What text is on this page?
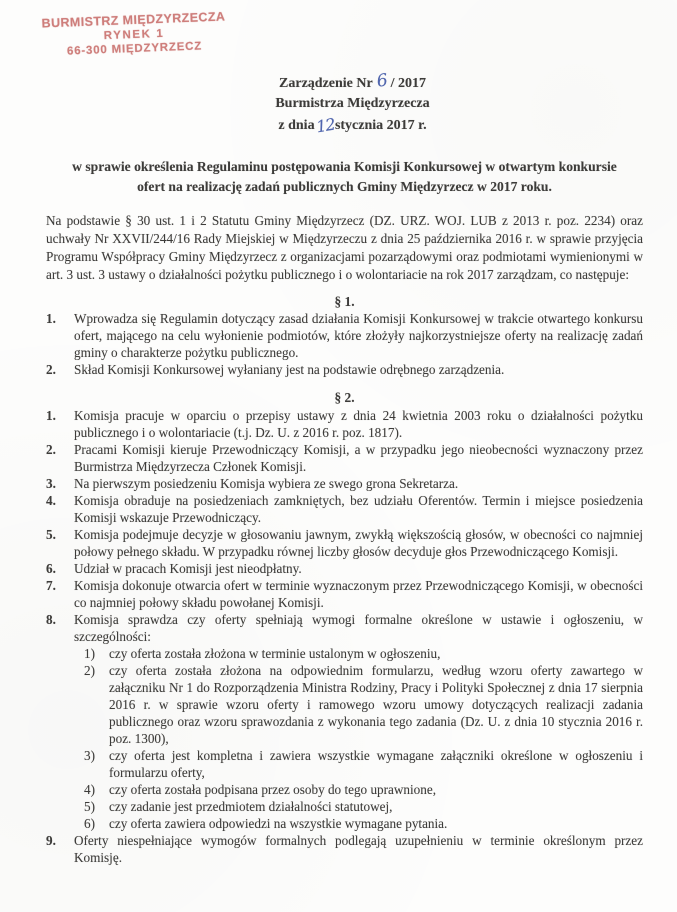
BURMISTRZ MIĘDZYRZECZA
RYNEK 1
66-300 MIĘDZYRZECZ
Zarządzenie Nr 6 / 2017
Burmistrza Międzyrzecza
z dnia12stycznia 2017 r.

w sprawie określenia Regulaminu postępowania Komisji Konkursowej w otwartym konkursie ofert na realizację zadań publicznych Gminy Międzyrzecz w 2017 roku.

Na podstawie § 30 ust. 1 i 2 Statutu Gminy Międzyrzecz (DZ. URZ. WOJ. LUB z 2013 r. poz. 2234) oraz uchwały Nr XXVII/244/16 Rady Miejskiej w Międzyrzeczu z dnia 25 października 2016 r. w sprawie przyjęcia Programu Współpracy Gminy Międzyrzecz z organizacjami pozarządowymi oraz podmiotami wymienionymi w art. 3 ust. 3 ustawy o działalności pożytku publicznego i o wolontariacie na rok 2017 zarządzam, co następuje:

§ 1.
1.	Wprowadza się Regulamin dotyczący zasad działania Komisji Konkursowej w trakcie otwartego konkursu ofert, mającego na celu wyłonienie podmiotów, które złożyły najkorzystniejsze oferty na realizację zadań gminy o charakterze pożytku publicznego.
2.	Skład Komisji Konkursowej wyłaniany jest na podstawie odrębnego zarządzenia.
§ 2.
1.	Komisja pracuje w oparciu o przepisy ustawy z dnia 24 kwietnia 2003 roku o działalności pożytku publicznego i o wolontariacie (t.j. Dz. U. z 2016 r. poz. 1817).
2.	Pracami Komisji kieruje Przewodniczący Komisji, a w przypadku jego nieobecności wyznaczony przez Burmistrza Międzyrzecza Członek Komisji.
3.	Na pierwszym posiedzeniu Komisja wybiera ze swego grona Sekretarza.
4.	Komisja obraduje na posiedzeniach zamkniętych, bez udziału Oferentów. Termin i miejsce posiedzenia Komisji wskazuje Przewodniczący.
5.	Komisja podejmuje decyzje w głosowaniu jawnym, zwykłą większością głosów, w obecności co najmniej połowy pełnego składu. W przypadku równej liczby głosów decyduje głos Przewodniczącego Komisji.
6.	Udział w pracach Komisji jest nieodpłatny.
7.	Komisja dokonuje otwarcia ofert w terminie wyznaczonym przez Przewodniczącego Komisji, w obecności co najmniej połowy składu powołanej Komisji.
8.	Komisja sprawdza czy oferty spełniają wymogi formalne określone w ustawie i ogłoszeniu, w szczególności:
1)	czy oferta została złożona w terminie ustalonym w ogłoszeniu,
2)	czy oferta została złożona na odpowiednim formularzu, według wzoru oferty zawartego w załączniku Nr 1 do Rozporządzenia Ministra Rodziny, Pracy i Polityki Społecznej z dnia 17 sierpnia 2016 r. w sprawie wzoru oferty i ramowego wzoru umowy dotyczących realizacji zadania publicznego oraz wzoru sprawozdania z wykonania tego zadania (Dz. U. z dnia 10 stycznia 2016 r. poz. 1300),
3)	czy oferta jest kompletna i zawiera wszystkie wymagane załączniki określone w ogłoszeniu i formularzu oferty,
4)	czy oferta została podpisana przez osoby do tego uprawnione,
5)	czy zadanie jest przedmiotem działalności statutowej,
6)	czy oferta zawiera odpowiedzi na wszystkie wymagane pytania.
9.	Oferty niespełniające wymogów formalnych podlegają uzupełnieniu w terminie określonym przez Komisję.
